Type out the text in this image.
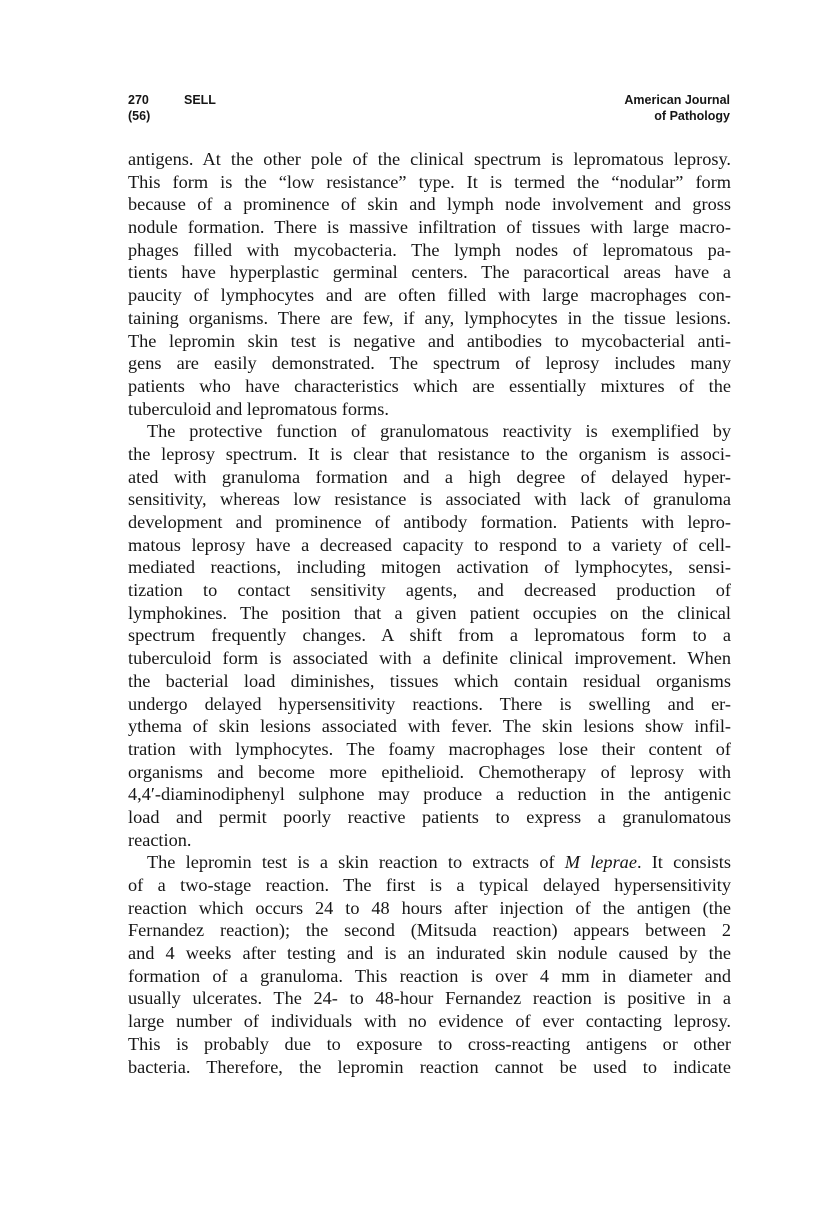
270	SELL
(56)
American Journal
of Pathology
antigens. At the other pole of the clinical spectrum is lepromatous leprosy.
This form is the “low resistance” type. It is termed the “nodular” form
because of a prominence of skin and lymph node involvement and gross
nodule formation. There is massive infiltration of tissues with large macro-
phages filled with mycobacteria. The lymph nodes of lepromatous pa-
tients have hyperplastic germinal centers. The paracortical areas have a
paucity of lymphocytes and are often filled with large macrophages con-
taining organisms. There are few, if any, lymphocytes in the tissue lesions.
The lepromin skin test is negative and antibodies to mycobacterial anti-
gens are easily demonstrated. The spectrum of leprosy includes many
patients who have characteristics which are essentially mixtures of the
tuberculoid and lepromatous forms.
The protective function of granulomatous reactivity is exemplified by
the leprosy spectrum. It is clear that resistance to the organism is associ-
ated with granuloma formation and a high degree of delayed hyper-
sensitivity, whereas low resistance is associated with lack of granuloma
development and prominence of antibody formation. Patients with lepro-
matous leprosy have a decreased capacity to respond to a variety of cell-
mediated reactions, including mitogen activation of lymphocytes, sensi-
tization to contact sensitivity agents, and decreased production of
lymphokines. The position that a given patient occupies on the clinical
spectrum frequently changes. A shift from a lepromatous form to a
tuberculoid form is associated with a definite clinical improvement. When
the bacterial load diminishes, tissues which contain residual organisms
undergo delayed hypersensitivity reactions. There is swelling and er-
ythema of skin lesions associated with fever. The skin lesions show infil-
tration with lymphocytes. The foamy macrophages lose their content of
organisms and become more epithelioid. Chemotherapy of leprosy with
4,4′-diaminodiphenyl sulphone may produce a reduction in the antigenic
load and permit poorly reactive patients to express a granulomatous
reaction.
The lepromin test is a skin reaction to extracts of M leprae. It consists
of a two-stage reaction. The first is a typical delayed hypersensitivity
reaction which occurs 24 to 48 hours after injection of the antigen (the
Fernandez reaction); the second (Mitsuda reaction) appears between 2
and 4 weeks after testing and is an indurated skin nodule caused by the
formation of a granuloma. This reaction is over 4 mm in diameter and
usually ulcerates. The 24- to 48-hour Fernandez reaction is positive in a
large number of individuals with no evidence of ever contacting leprosy.
This is probably due to exposure to cross-reacting antigens or other
bacteria. Therefore, the lepromin reaction cannot be used to indicate
